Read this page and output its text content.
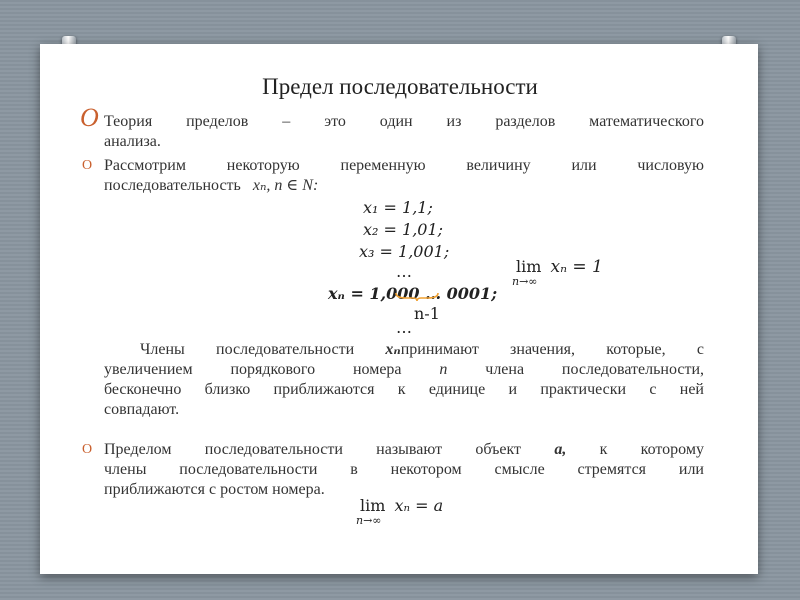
Предел последовательности
O Теория пределов – это один из разделов математического
анализа.
O Рассмотрим некоторую переменную величину или числовую
последовательность xₙ, n ∈ N:
x₁ = 1,1;
x₂ = 1,01;
x₃ = 1,001;
…
xₙ = 1,000 … 0001;
n-1
…
lim
n→∞
xₙ = 1
Члены последовательности xₙпринимают значения, которые, с
увеличением порядкового номера n члена последовательности,
бесконечно близко приближаются к единице и практически с ней
совпадают.
O Пределом последовательности называют объект a, к которому
члены последовательности в некотором смысле стремятся или
приближаются с ростом номера.
lim
n→∞
xₙ = a
